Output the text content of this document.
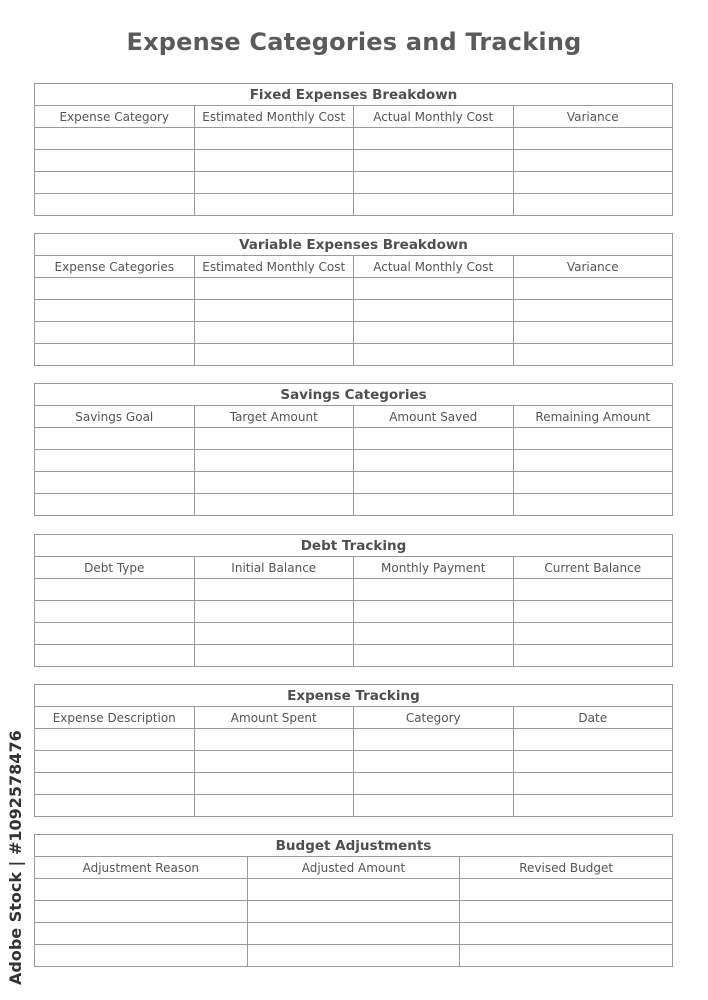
Expense Categories and Tracking
Fixed Expenses Breakdown			
Expense Category	Estimated Monthly Cost	Actual Monthly Cost	Variance

Variable Expenses Breakdown			
Expense Categories	Estimated Monthly Cost	Actual Monthly Cost	Variance

Savings Categories			
Savings Goal	Target Amount	Amount Saved	Remaining Amount

Debt Tracking			
Debt Type	Initial Balance	Monthly Payment	Current Balance

Expense Tracking			
Expense Description	Amount Spent	Category	Date

Budget Adjustments		
Adjustment Reason	Adjusted Amount	Revised Budget

Adobe Stock | #1092578476
